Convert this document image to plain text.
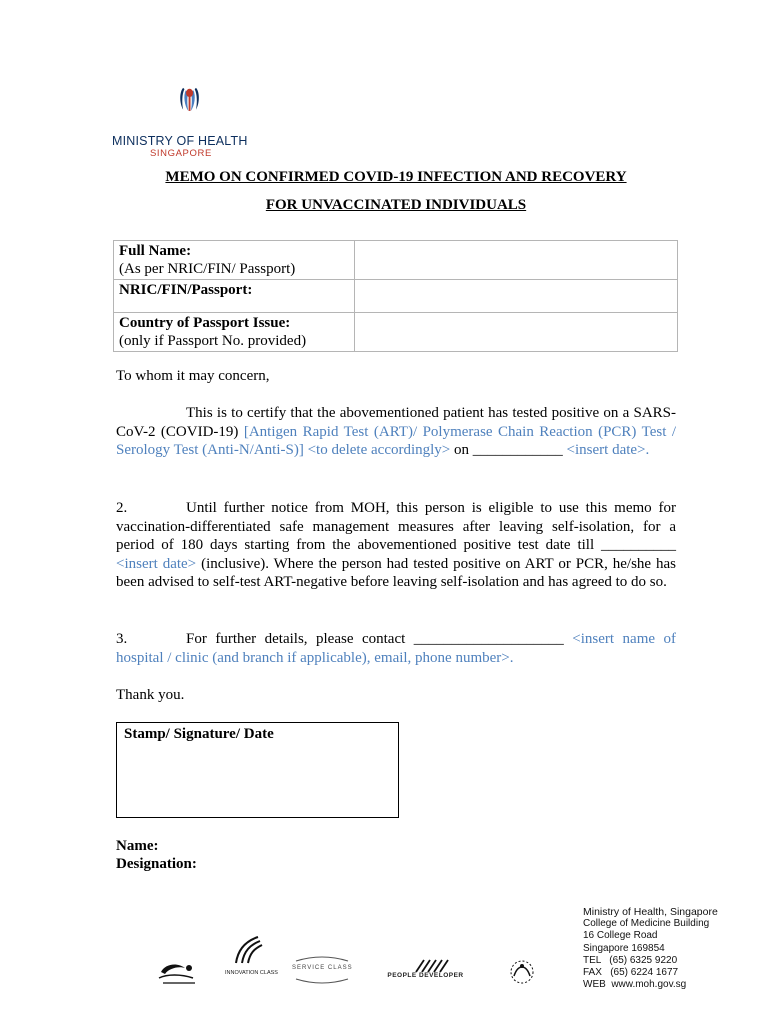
MINISTRY OF HEALTH
SINGAPORE
MEMO ON CONFIRMED COVID-19 INFECTION AND RECOVERY
FOR UNVACCINATED INDIVIDUALS
Full Name:
(As per NRIC/FIN/ Passport)	
NRIC/FIN/Passport:	
Country of Passport Issue:
(only if Passport No. provided)	
To whom it may concern,
This is to certify that the abovementioned patient has tested positive on a SARS-CoV-2 (COVID-19) [Antigen Rapid Test (ART)/ Polymerase Chain Reaction (PCR) Test / Serology Test (Anti-N/Anti-S)] <to delete accordingly> on ____________ <insert date>.
2.	Until further notice from MOH, this person is eligible to use this memo for vaccination-differentiated safe management measures after leaving self-isolation, for a period of 180 days starting from the abovementioned positive test date till __________ <insert date> (inclusive). Where the person had tested positive on ART or PCR, he/she has been advised to self-test ART-negative before leaving self-isolation and has agreed to do so.
3.	For further details, please contact ____________________ <insert name of hospital / clinic (and branch if applicable), email, phone number>.
Thank you.
Stamp/ Signature/ Date
Name:
Designation:
INNOVATION CLASS
SERVICE CLASS
PEOPLE DEVELOPER
Ministry of Health, Singapore
College of Medicine Building
16 College Road
Singapore 169854
TEL   (65) 6325 9220
FAX   (65) 6224 1677
WEB  www.moh.gov.sg
